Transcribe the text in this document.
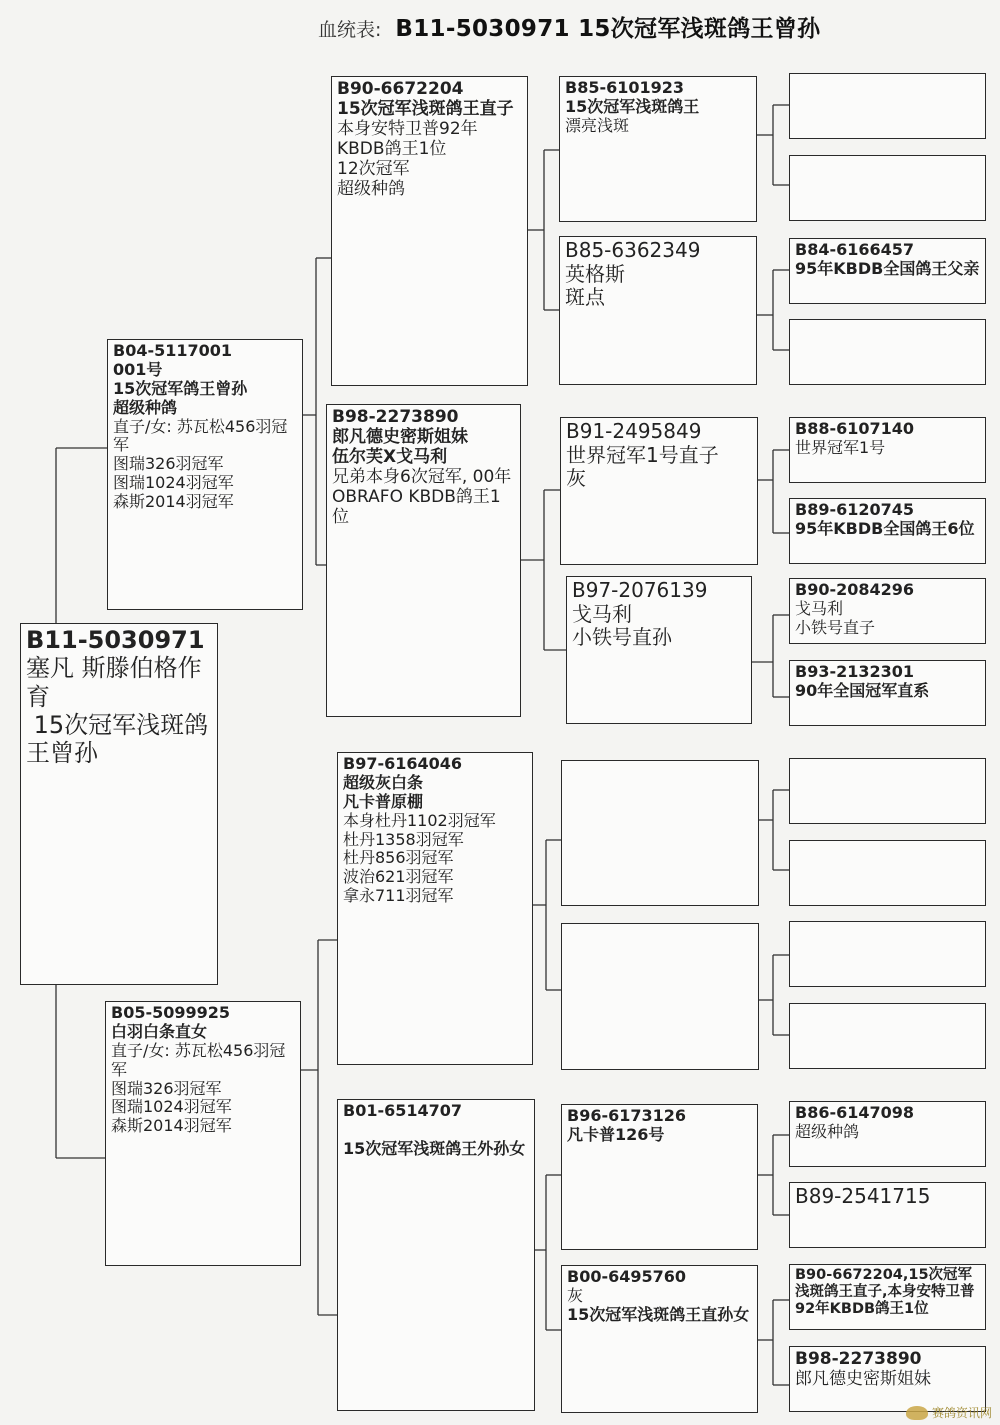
血统表: B11-5030971 15次冠军浅斑鸽王曾孙
B11-5030971
塞凡 斯滕伯格作育
15次冠军浅斑鸽王曾孙
B04-5117001
001号
15次冠军鸽王曾孙
超级种鸽
直子/女: 苏瓦松456羽冠军
图瑞326羽冠军
图瑞1024羽冠军
森斯2014羽冠军
B05-5099925
白羽白条直女
直子/女: 苏瓦松456羽冠军
图瑞326羽冠军
图瑞1024羽冠军
森斯2014羽冠军
B90-6672204
15次冠军浅斑鸽王直子
本身安特卫普92年KBDB鸽王1位
12次冠军
超级种鸽
B98-2273890
郎凡德史密斯姐妹
伍尔芙X戈马利
兄弟本身6次冠军, 00年OBRAFO KBDB鸽王1位
B97-6164046
超级灰白条
凡卡普原棚
本身杜丹1102羽冠军
杜丹1358羽冠军
杜丹856羽冠军
波治621羽冠军
拿永711羽冠军
B01-6514707

15次冠军浅斑鸽王外孙女
B85-6101923
15次冠军浅斑鸽王
漂亮浅斑
B85-6362349
英格斯
斑点
B91-2495849
世界冠军1号直子
灰
B97-2076139
戈马利
小铁号直孙
B96-6173126
凡卡普126号
B00-6495760
灰
15次冠军浅斑鸽王直孙女
B84-6166457
95年KBDB全国鸽王父亲
B88-6107140
世界冠军1号
B89-6120745
95年KBDB全国鸽王6位
B90-2084296
戈马利
小铁号直子
B93-2132301
90年全国冠军直系
B86-6147098
超级种鸽
B89-2541715
B90-6672204,15次冠军浅斑鸽王直子,本身安特卫普92年KBDB鸽王1位
B98-2273890
郎凡德史密斯姐妹
赛鸽资讯网
